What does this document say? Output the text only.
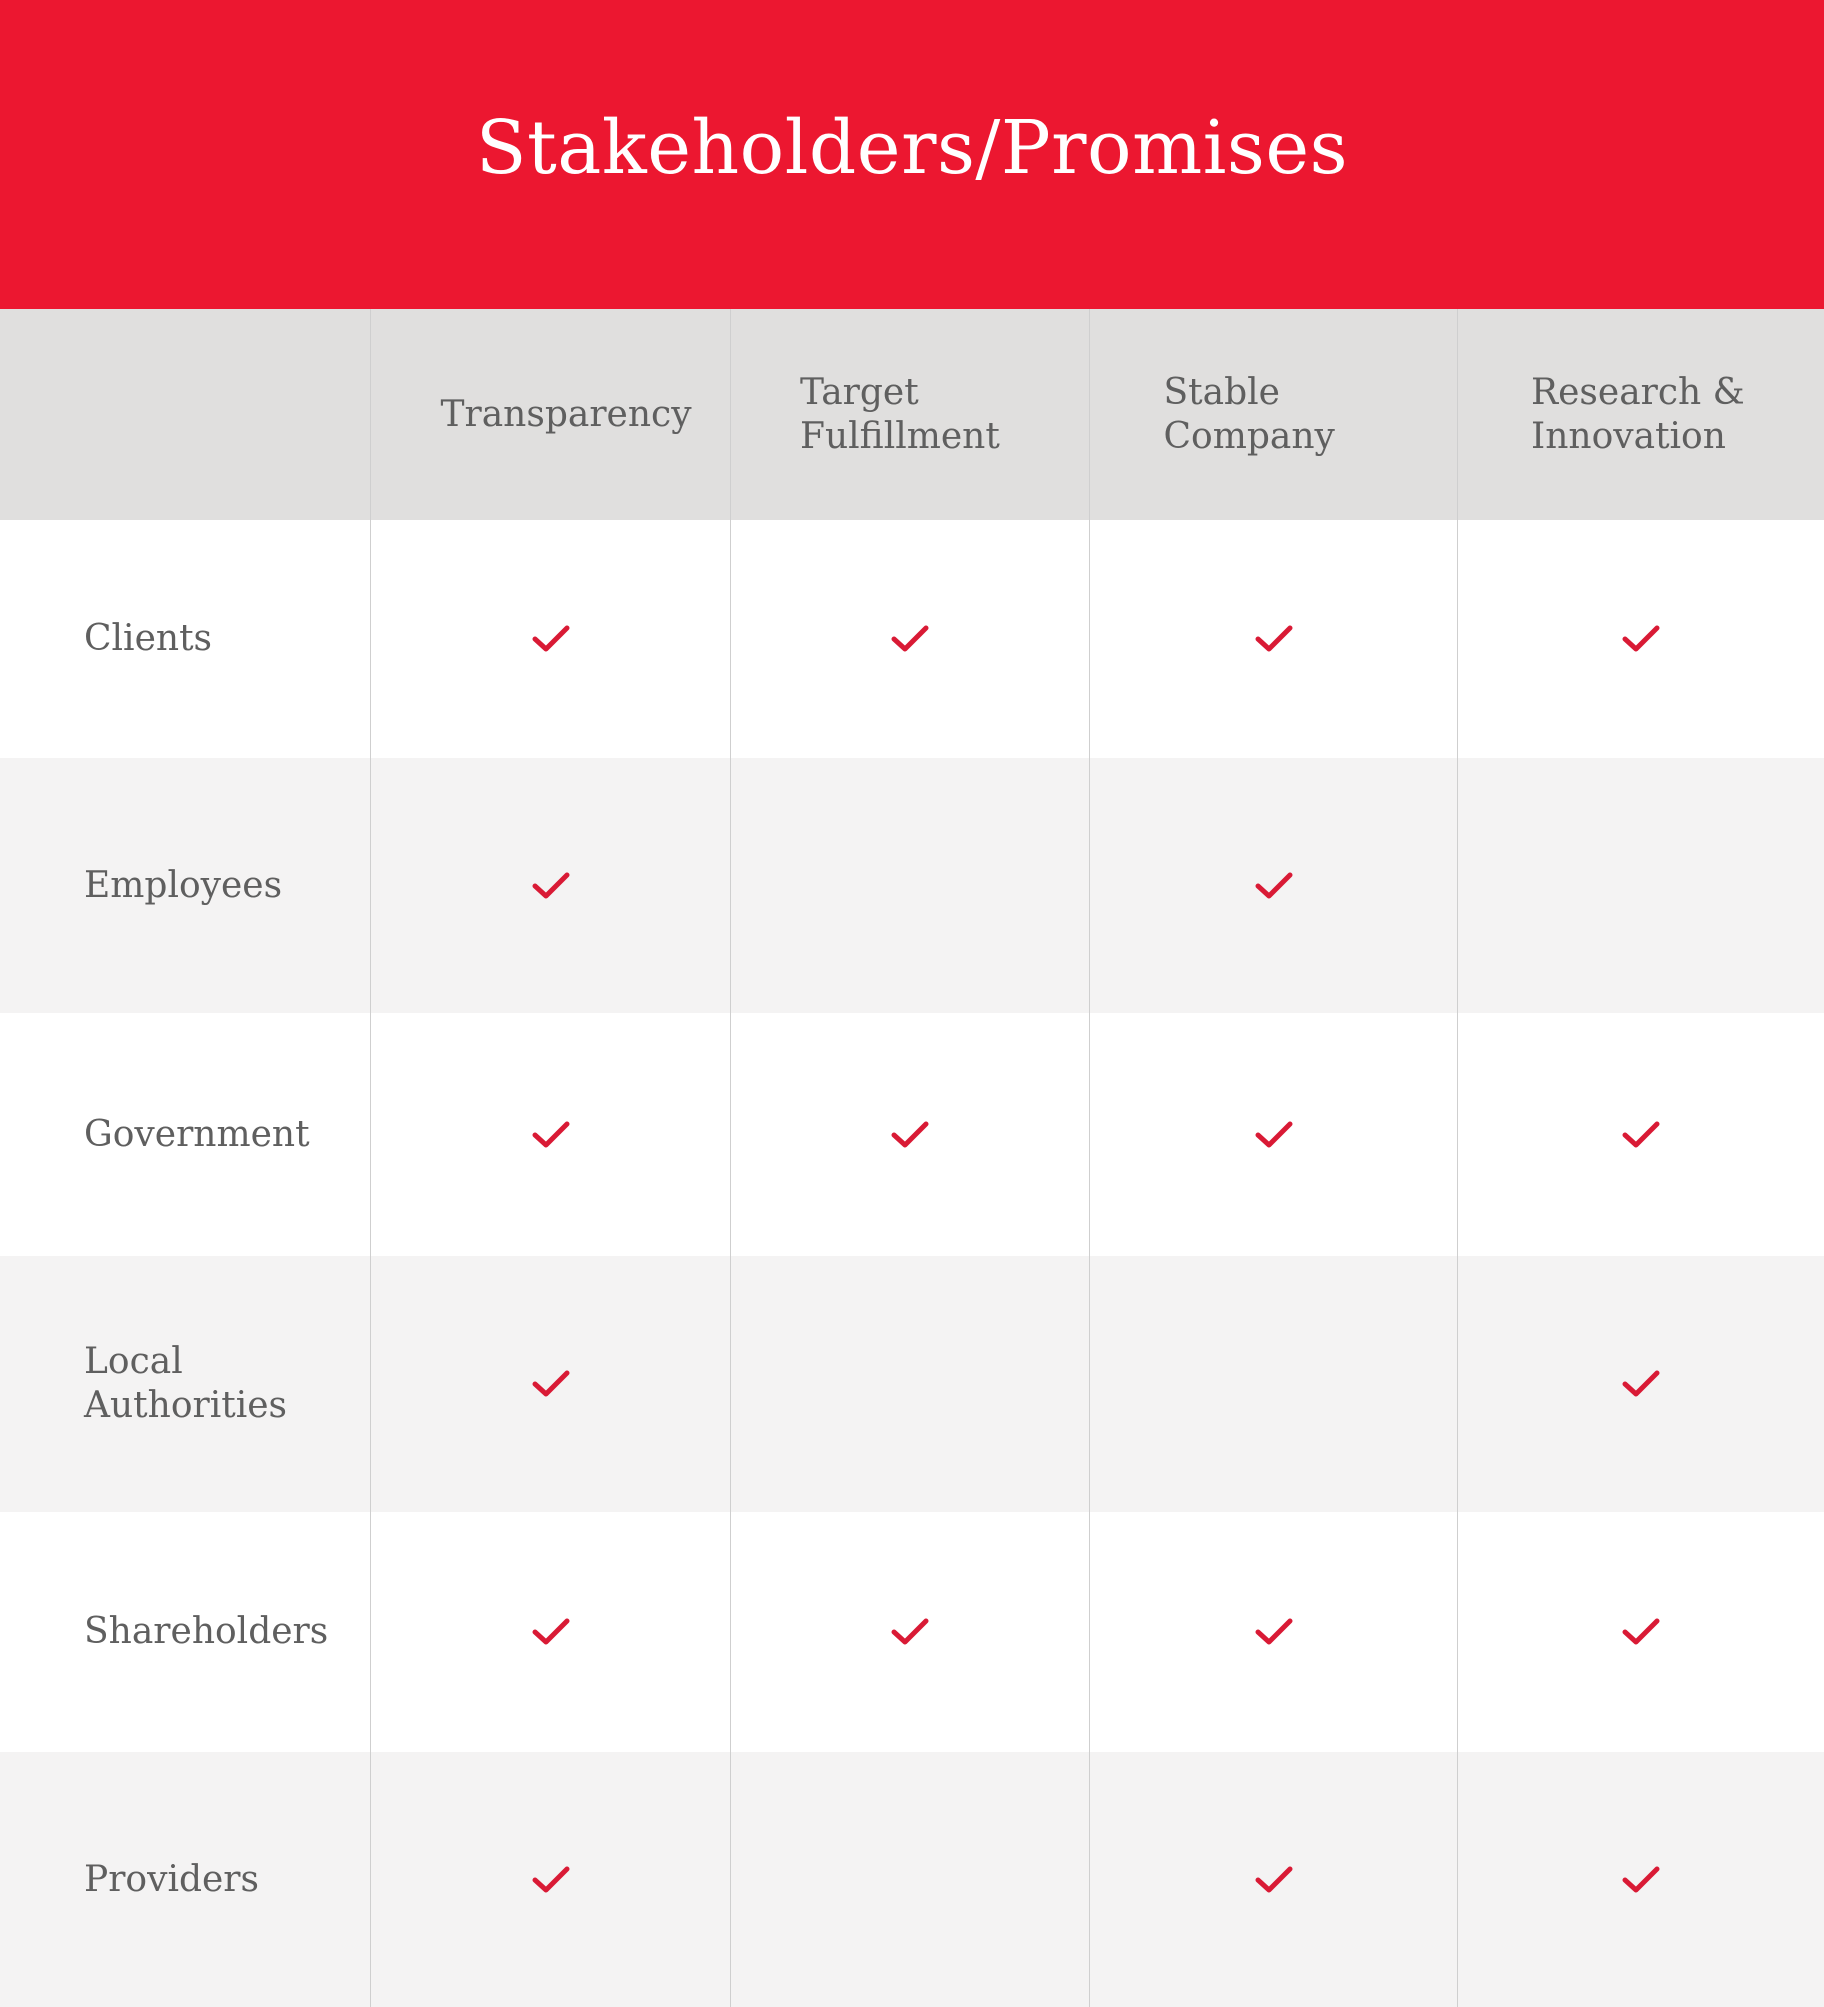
Stakeholders/Promises
Transparency
Target Fulfillment
Stable Company
Research & Innovation
Clients
Employees
Government
Local Authorities
Shareholders
Providers
